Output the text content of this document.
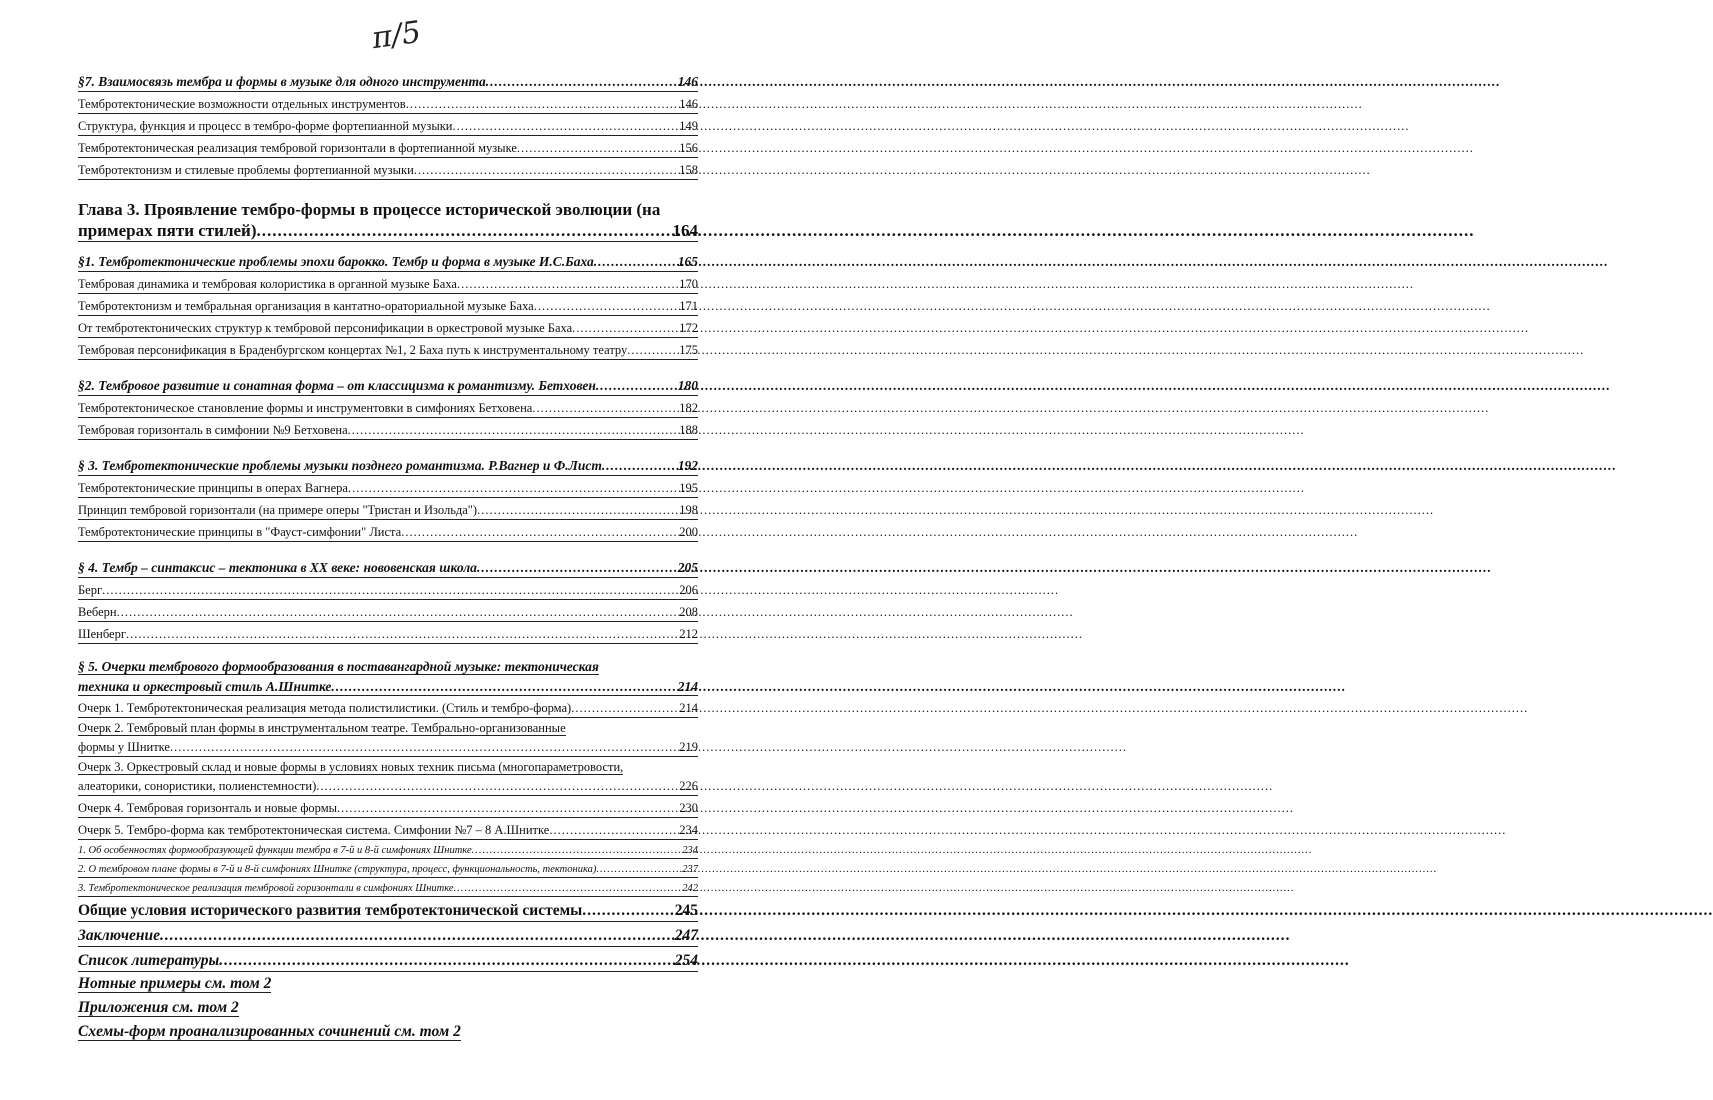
π/5
§7. Взаимосвязь тембра и формы в музыке для одного инструмента .....	146
Тембротектонические возможности отдельных инструментов .....	146
Структура, функция и процесс в тембро-форме фортепианной музыки .....	149
Тембротектоническая реализация тембровой горизонтали в фортепианной музыке .....	156
Тембротектонизм и стилевые проблемы фортепианной музыки .....	158
Глава 3. Проявление тембро-формы в процессе исторической эволюции (на
примерах пяти стилей) .....	164
§1. Тембротектонические проблемы эпохи барокко. Тембр и форма в музыке И.С.Баха .....	165
Тембровая динамика и тембровая колористика в органной музыке Баха .....	170
Тембротектонизм и тембральная организация в кантатно-ораториальной музыке Баха .....	171
От тембротектонических структур к тембровой персонификации в оркестровой музыке Баха .....	172
Тембровая персонификация в Браденбургском концертах №1, 2 Баха путь к инструментальному театру .....	175
§2. Тембровое развитие и сонатная форма – от классицизма к романтизму. Бетховен .....	180
Тембротектоническое становление формы и инструментовки в симфониях Бетховена .....	182
Тембровая горизонталь в симфонии №9 Бетховена .....	188
§ 3. Тембротектонические проблемы музыки позднего романтизма. Р.Вагнер и Ф.Лист .....	192
Тембротектонические принципы в операх Вагнера .....	195
Принцип тембровой горизонтали (на примере оперы "Тристан и Изольда") .....	198
Тембротектонические принципы в "Фауст-симфонии" Листа .....	200
§ 4. Тембр – синтаксис – тектоника в XX веке: нововенская школа .....	205
Берг .....	206
Веберн .....	208
Шенберг .....	212
§ 5. Очерки тембрового формообразования в поставангардной музыке: тектоническая
техника и оркестровый стиль А.Шнитке .....	214
Очерк 1. Тембротектоническая реализация метода полистилистики. (Стиль и тембро-форма) .....	214
Очерк 2. Тембровый план формы в инструментальном театре. Тембрально-организованные
формы у Шнитке .....	219
Очерк 3. Оркестровый склад и новые формы в условиях новых техник письма (многопараметровости,
алеаторики, сонористики, полиенстемности) .....	226
Очерк 4. Тембровая горизонталь и новые формы .....	230
Очерк 5. Тембро-форма как тембротектоническая система. Симфонии №7 – 8 А.Шнитке .....	234
1. Об особенностях формообразующей функции тембра в 7-й и 8-й симфониях Шнитке .....	234
2. О тембровом плане формы в 7-й и 8-й симфониях Шнитке (структура, процесс, функциональность, тектоника) .....	237
3. Тембротектоническое реализация тембровой горизонтали в симфониях Шнитке .....	242
Общие условия исторического развития тембротектонической системы .....	245
Заключение .....	247
Список литературы .....	254
Нотные примеры см. том 2
Приложения см. том 2
Схемы-форм проанализированных сочинений см. том 2
